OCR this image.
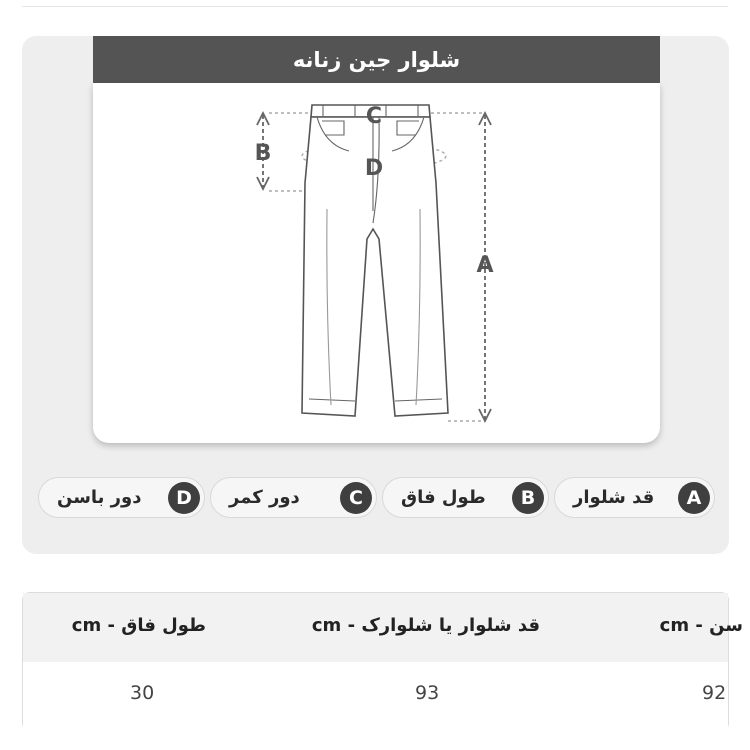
شلوار جین زنانه
C
B
D
A
قد شلوار	A
طول فاق	B
دور کمر	C
دور باسن	D
طول فاق - cm	قد شلوار یا شلوارک - cm	سن - cm
30	93	92
